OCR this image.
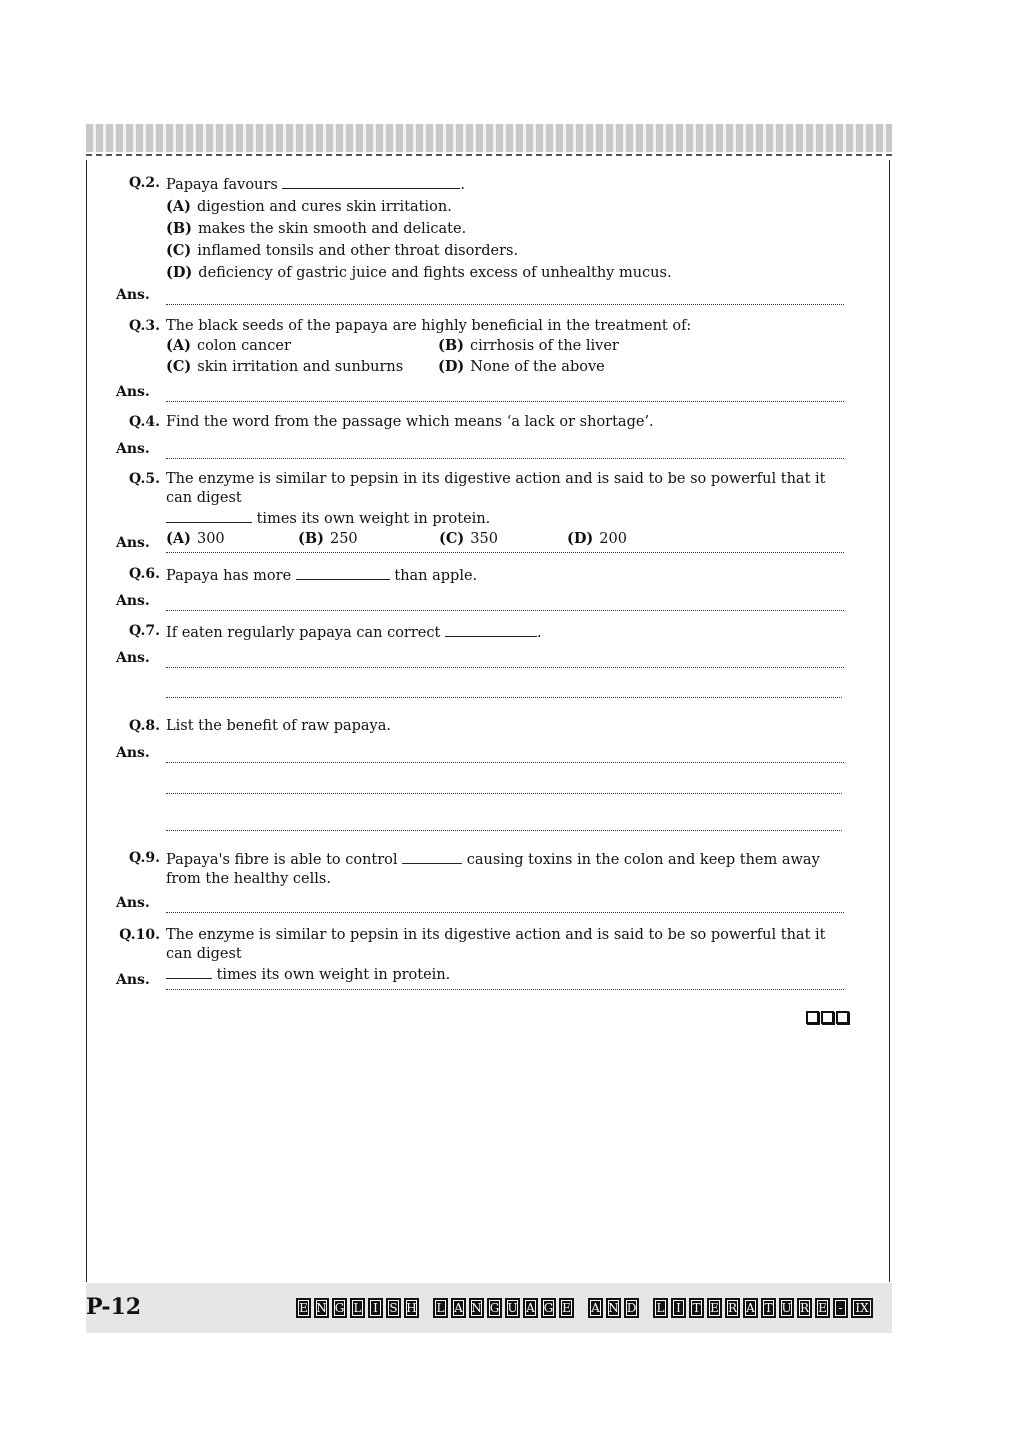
Q.2. Papaya favours	.
(A) digestion and cures skin irritation.
(B) makes the skin smooth and delicate.
(C) inflamed tonsils and other throat disorders.
(D) deficiency of gastric juice and fights excess of unhealthy mucus.
Ans.
Q.3. The black seeds of the papaya are highly beneficial in the treatment of:
(A) colon cancer	(B) cirrhosis of the liver
(C) skin irritation and sunburns	(D) None of the above
Ans.
Q.4. Find the word from the passage which means ‘a lack or shortage’.
Ans.
Q.5. The enzyme is similar to pepsin in its digestive action and is said to be so powerful that it can digest
times its own weight in protein.
(A) 300	(B) 250	(C) 350	(D) 200
Ans.
Q.6. Papaya has more	than apple.
Ans.
Q.7. If eaten regularly papaya can correct	.
Ans.
Q.8. List the benefit of raw papaya.
Ans.
Q.9. Papaya's fibre is able to control	causing toxins in the colon and keep them away from the healthy cells.
Ans.
Q.10. The enzyme is similar to pepsin in its digestive action and is said to be so powerful that it can digest
times its own weight in protein.
Ans.
P-12	E N G L I S H L A N G U A G E A N D L I T E R A T U R E -	IX
